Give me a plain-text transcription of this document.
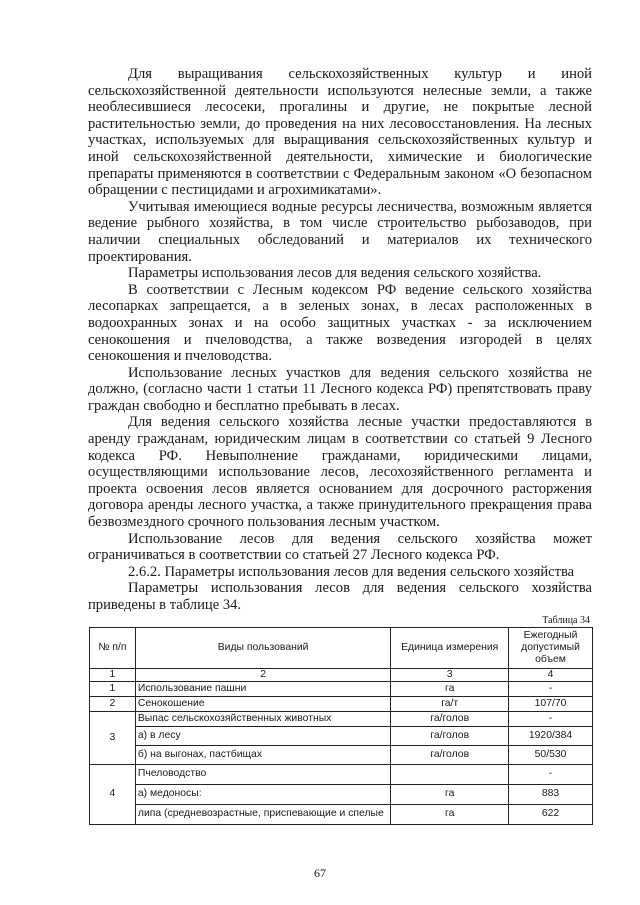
Для выращивания сельскохозяйственных культур и иной сельскохозяйственной деятельности используются нелесные земли, а также необлесившиеся лесосеки, прогалины и другие, не покрытые лесной растительностью земли, до проведения на них лесовосстановления. На лесных участках, используемых для выращивания сельскохозяйственных культур и иной сельскохозяйственной деятельности, химические и биологические препараты применяются в соответствии с Федеральным законом «О безопасном обращении с пестицидами и агрохимикатами».

Учитывая имеющиеся водные ресурсы лесничества, возможным является ведение рыбного хозяйства, в том числе строительство рыбозаводов, при наличии специальных обследований и материалов их технического проектирования.

Параметры использования лесов для ведения сельского хозяйства.

В соответствии с Лесным кодексом РФ ведение сельского хозяйства лесопарках запрещается, а в зеленых зонах, в лесах расположенных в водоохранных зонах и на особо защитных участках - за исключением сенокошения и пчеловодства, а также возведения изгородей в целях сенокошения и пчеловодства.

Использование лесных участков для ведения сельского хозяйства не должно, (согласно части 1 статьи 11 Лесного кодекса РФ) препятствовать праву граждан свободно и бесплатно пребывать в лесах.

Для ведения сельского хозяйства лесные участки предоставляются в аренду гражданам, юридическим лицам в соответствии со статьей 9 Лесного кодекса РФ. Невыполнение гражданами, юридическими лицами, осуществляющими использование лесов, лесохозяйственного регламента и проекта освоения лесов является основанием для досрочного расторжения договора аренды лесного участка, а также принудительного прекращения права безвозмездного срочного пользования лесным участком.

Использование лесов для ведения сельского хозяйства может ограничиваться в соответствии со статьей 27 Лесного кодекса РФ.

2.6.2. Параметры использования лесов для ведения сельского хозяйства

Параметры использования лесов для ведения сельского хозяйства приведены в таблице 34.

Таблица 34
№ п/п	Виды пользований	Единица измерения	Ежегодный допустимый объем
1	2	3	4
1	Использование пашни	га	-
2	Сенокошение	га/т	107/70
3	Выпас сельскохозяйственных животных	га/голов	-
	а) в лесу	га/голов	1920/384
	б) на выгонах, пастбищах	га/голов	50/530
4	Пчеловодство		-
	а) медоносы:	га	883
	липа (средневозрастные, приспевающие и спелые	га	622
67
